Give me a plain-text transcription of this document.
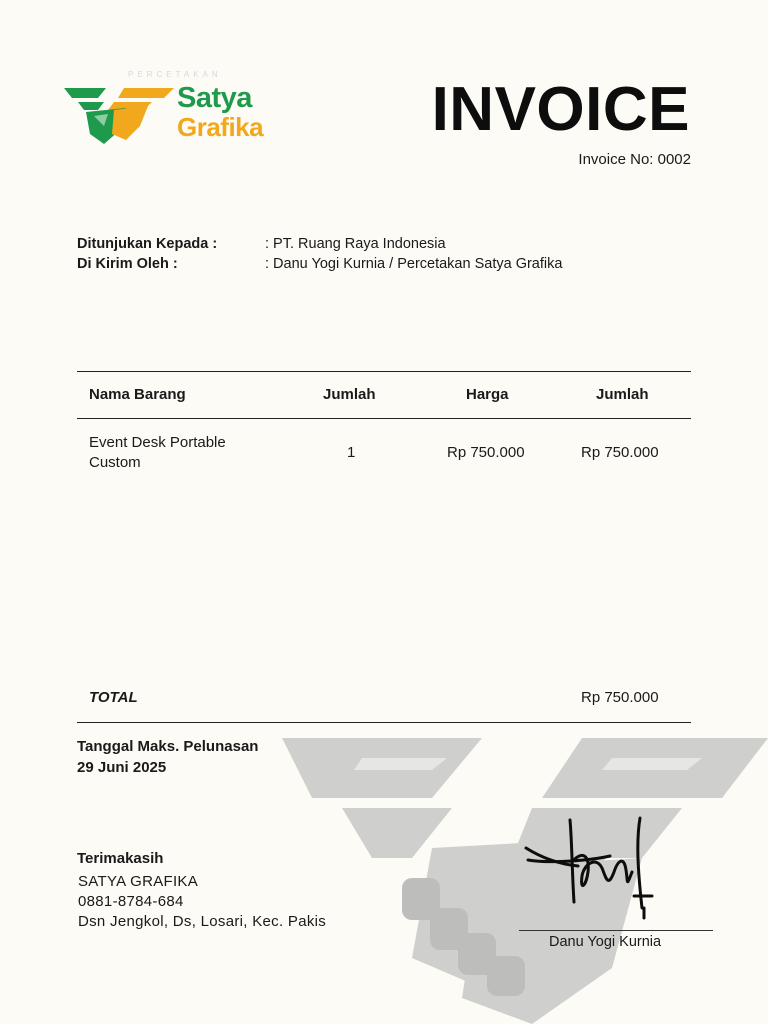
PERCETAKAN
Satya
Grafika	INVOICE
Invoice No: 0002
Ditunjukan Kepada :	: PT. Ruang Raya Indonesia
Di Kirim Oleh :	: Danu Yogi Kurnia / Percetakan Satya Grafika
Nama Barang	Jumlah	Harga	Jumlah
Event Desk Portable
Custom
1	Rp 750.000	Rp 750.000
TOTAL	Rp 750.000
Tanggal Maks. Pelunasan
29 Juni 2025
Terimakasih
SATYA GRAFIKA
0881-8784-684
Dsn Jengkol, Ds, Losari, Kec. Pakis
Danu Yogi Kurnia
